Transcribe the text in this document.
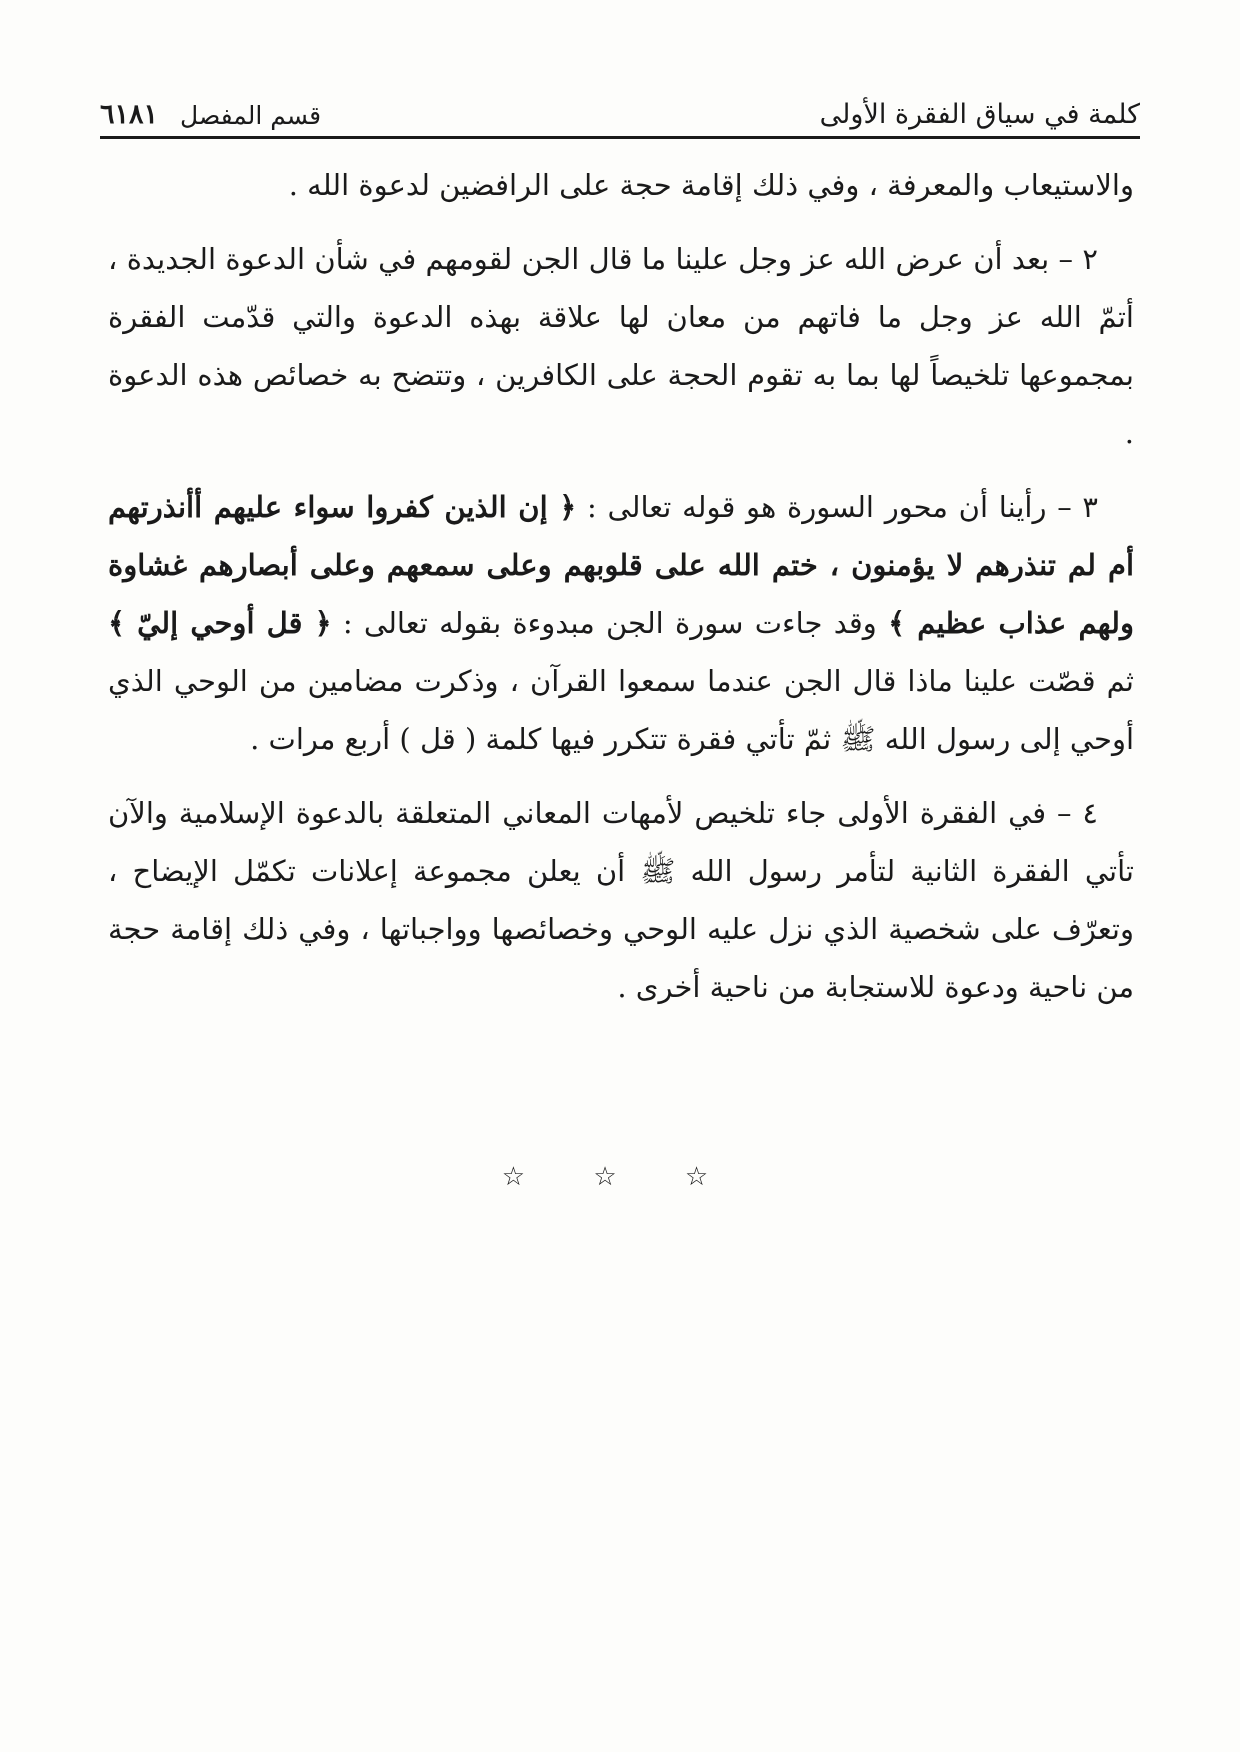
كلمة في سياق الفقرة الأولى
قسم المفصل
٦١٨١

والاستيعاب والمعرفة ، وفي ذلك إقامة حجة على الرافضين لدعوة الله .

٢ – بعد أن عرض الله عز وجل علينا ما قال الجن لقومهم في شأن الدعوة الجديدة ، أتمّ الله عز وجل ما فاتهم من معان لها علاقة بهذه الدعوة والتي قدّمت الفقرة بمجموعها تلخيصاً لها بما به تقوم الحجة على الكافرين ، وتتضح به خصائص هذه الدعوة .

٣ – رأينا أن محور السورة هو قوله تعالى : ﴿ إن الذين كفروا سواء عليهم أأنذرتهم أم لم تنذرهم لا يؤمنون ، ختم الله على قلوبهم وعلى سمعهم وعلى أبصارهم غشاوة ولهم عذاب عظيم ﴾ وقد جاءت سورة الجن مبدوءة بقوله تعالى : ﴿ قل أوحي إليّ ﴾ ثم قصّت علينا ماذا قال الجن عندما سمعوا القرآن ، وذكرت مضامين من الوحي الذي أوحي إلى رسول الله ﷺ ثمّ تأتي فقرة تتكرر فيها كلمة ( قل ) أربع مرات .

٤ – في الفقرة الأولى جاء تلخيص لأمهات المعاني المتعلقة بالدعوة الإسلامية والآن تأتي الفقرة الثانية لتأمر رسول الله ﷺ أن يعلن مجموعة إعلانات تكمّل الإيضاح ، وتعرّف على شخصية الذي نزل عليه الوحي وخصائصها وواجباتها ، وفي ذلك إقامة حجة من ناحية ودعوة للاستجابة من ناحية أخرى .

☆ ☆ ☆
